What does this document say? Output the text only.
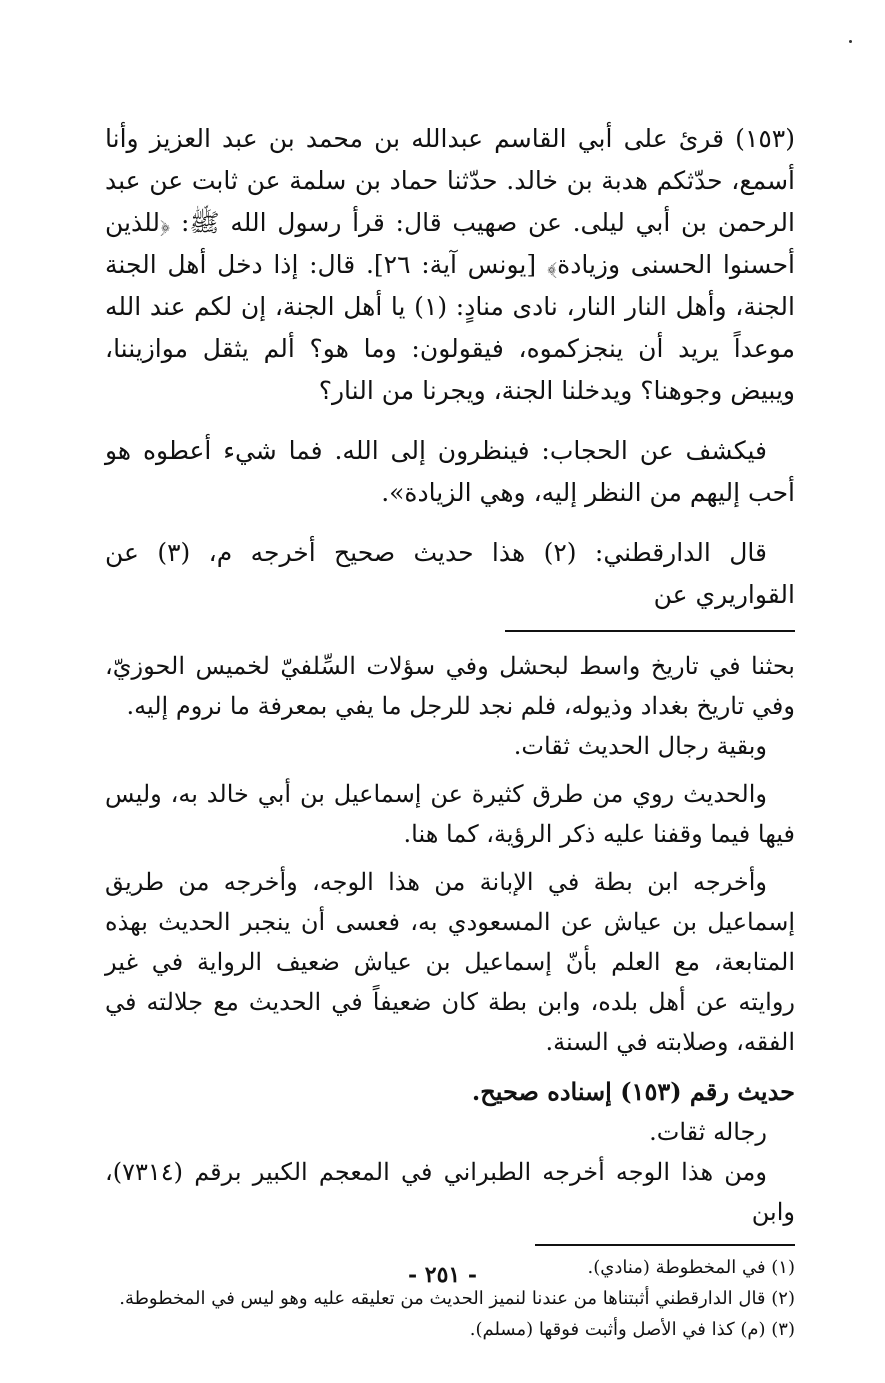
(١٥٣) قرئ على أبي القاسم عبدالله بن محمد بن عبد العزيز وأنا أسمع، حدّثكم هدبة بن خالد. حدّثنا حماد بن سلمة عن ثابت عن عبد الرحمن بن أبي ليلى. عن صهيب قال: قرأ رسول الله ﷺ: ﴿للذين أحسنوا الحسنى وزيادة﴾ [يونس آية: ٢٦]. قال: إذا دخل أهل الجنة الجنة، وأهل النار النار، نادى منادٍ: (١) يا أهل الجنة، إن لكم عند الله موعداً يريد أن ينجزكموه، فيقولون: وما هو؟ ألم يثقل موازيننا، ويبيض وجوهنا؟ ويدخلنا الجنة، ويجرنا من النار؟

فيكشف عن الحجاب: فينظرون إلى الله. فما شيء أعطوه هو أحب إليهم من النظر إليه، وهي الزيادة».

قال الدارقطني: (٢) هذا حديث صحيح أخرجه م، (٣) عن القواريري عن

بحثنا في تاريخ واسط لبحشل وفي سؤلات السِّلفيّ لخميس الحوزيّ، وفي تاريخ بغداد وذيوله، فلم نجد للرجل ما يفي بمعرفة ما نروم إليه.

وبقية رجال الحديث ثقات.

والحديث روي من طرق كثيرة عن إسماعيل بن أبي خالد به، وليس فيها فيما وقفنا عليه ذكر الرؤية، كما هنا.

وأخرجه ابن بطة في الإبانة من هذا الوجه، وأخرجه من طريق إسماعيل بن عياش عن المسعودي به، فعسى أن ينجبر الحديث بهذه المتابعة، مع العلم بأنّ إسماعيل بن عياش ضعيف الرواية في غير روايته عن أهل بلده، وابن بطة كان ضعيفاً في الحديث مع جلالته في الفقه، وصلابته في السنة.

حديث رقم (١٥٣) إسناده صحيح.

رجاله ثقات.

ومن هذا الوجه أخرجه الطبراني في المعجم الكبير برقم (٧٣١٤)، وابن

(١) في المخطوطة (منادي).

(٢) قال الدارقطني أثبتناها من عندنا لنميز الحديث من تعليقه عليه وهو ليس في المخطوطة.

(٣) (م) كذا في الأصل وأثبت فوقها (مسلم).

- ٢٥١ -
